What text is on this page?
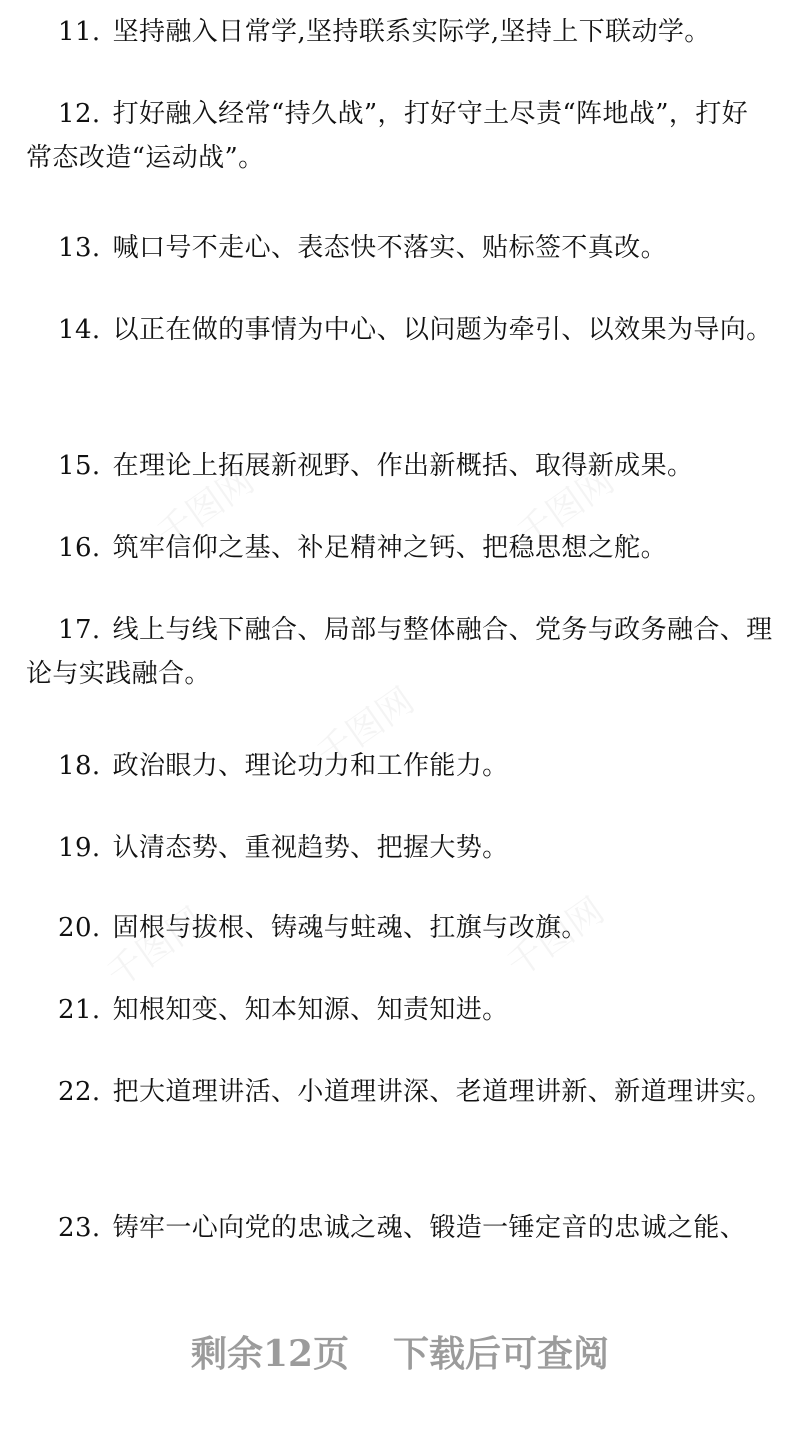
11. 坚持融入日常学,坚持联系实际学,坚持上下联动学。

12. 打好融入经常“持久战”，打好守土尽责“阵地战”，打好常态改造“运动战”。

13. 喊口号不走心、表态快不落实、贴标签不真改。

14. 以正在做的事情为中心、以问题为牵引、以效果为导向。

15. 在理论上拓展新视野、作出新概括、取得新成果。

16. 筑牢信仰之基、补足精神之钙、把稳思想之舵。

17. 线上与线下融合、局部与整体融合、党务与政务融合、理论与实践融合。

18. 政治眼力、理论功力和工作能力。

19. 认清态势、重视趋势、把握大势。

20. 固根与拔根、铸魂与蛀魂、扛旗与改旗。

21. 知根知变、知本知源、知责知进。

22. 把大道理讲活、小道理讲深、老道理讲新、新道理讲实。

23. 铸牢一心向党的忠诚之魂、锻造一锤定音的忠诚之能、

剩余12页 下载后可查阅
